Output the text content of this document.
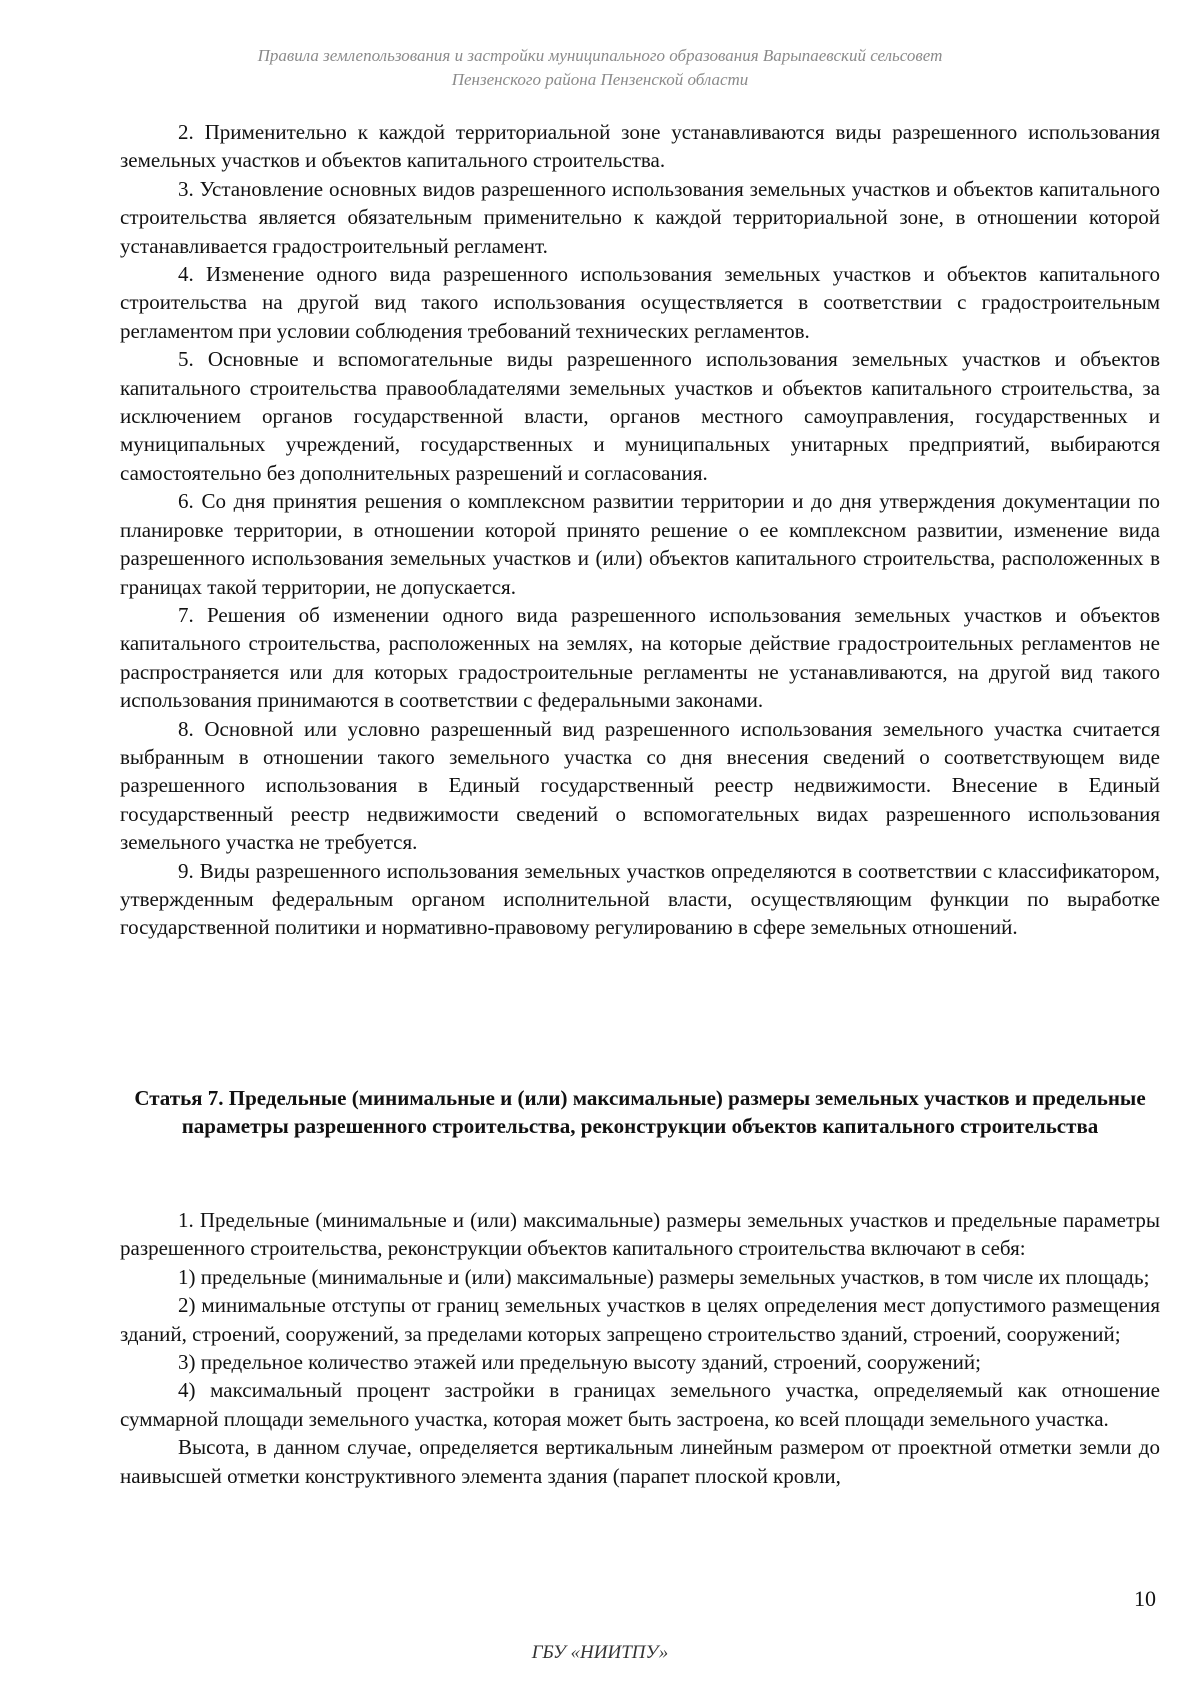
Правила землепользования и застройки муниципального образования Варыпаевский сельсовет
Пензенского района Пензенской области

2. Применительно к каждой территориальной зоне устанавливаются виды разрешенного использования земельных участков и объектов капитального строительства.

3. Установление основных видов разрешенного использования земельных участков и объектов капитального строительства является обязательным применительно к каждой территориальной зоне, в отношении которой устанавливается градостроительный регламент.

4. Изменение одного вида разрешенного использования земельных участков и объектов капитального строительства на другой вид такого использования осуществляется в соответствии с градостроительным регламентом при условии соблюдения требований технических регламентов.

5. Основные и вспомогательные виды разрешенного использования земельных участков и объектов капитального строительства правообладателями земельных участков и объектов капитального строительства, за исключением органов государственной власти, органов местного самоуправления, государственных и муниципальных учреждений, государственных и муниципальных унитарных предприятий, выбираются самостоятельно без дополнительных разрешений и согласования.

6. Со дня принятия решения о комплексном развитии территории и до дня утверждения документации по планировке территории, в отношении которой принято решение о ее комплексном развитии, изменение вида разрешенного использования земельных участков и (или) объектов капитального строительства, расположенных в границах такой территории, не допускается.

7. Решения об изменении одного вида разрешенного использования земельных участков и объектов капитального строительства, расположенных на землях, на которые действие градостроительных регламентов не распространяется или для которых градостроительные регламенты не устанавливаются, на другой вид такого использования принимаются в соответствии с федеральными законами.

8. Основной или условно разрешенный вид разрешенного использования земельного участка считается выбранным в отношении такого земельного участка со дня внесения сведений о соответствующем виде разрешенного использования в Единый государственный реестр недвижимости. Внесение в Единый государственный реестр недвижимости сведений о вспомогательных видах разрешенного использования земельного участка не требуется.

9. Виды разрешенного использования земельных участков определяются в соответствии с классификатором, утвержденным федеральным органом исполнительной власти, осуществляющим функции по выработке государственной политики и нормативно-правовому регулированию в сфере земельных отношений.

Статья 7. Предельные (минимальные и (или) максимальные) размеры земельных участков и предельные параметры разрешенного строительства, реконструкции объектов капитального строительства

1. Предельные (минимальные и (или) максимальные) размеры земельных участков и предельные параметры разрешенного строительства, реконструкции объектов капитального строительства включают в себя:

1) предельные (минимальные и (или) максимальные) размеры земельных участков, в том числе их площадь;

2) минимальные отступы от границ земельных участков в целях определения мест допустимого размещения зданий, строений, сооружений, за пределами которых запрещено строительство зданий, строений, сооружений;

3) предельное количество этажей или предельную высоту зданий, строений, сооружений;

4) максимальный процент застройки в границах земельного участка, определяемый как отношение суммарной площади земельного участка, которая может быть застроена, ко всей площади земельного участка.

Высота, в данном случае, определяется вертикальным линейным размером от проектной отметки земли до наивысшей отметки конструктивного элемента здания (парапет плоской кровли,

10
ГБУ «НИИТПУ»
